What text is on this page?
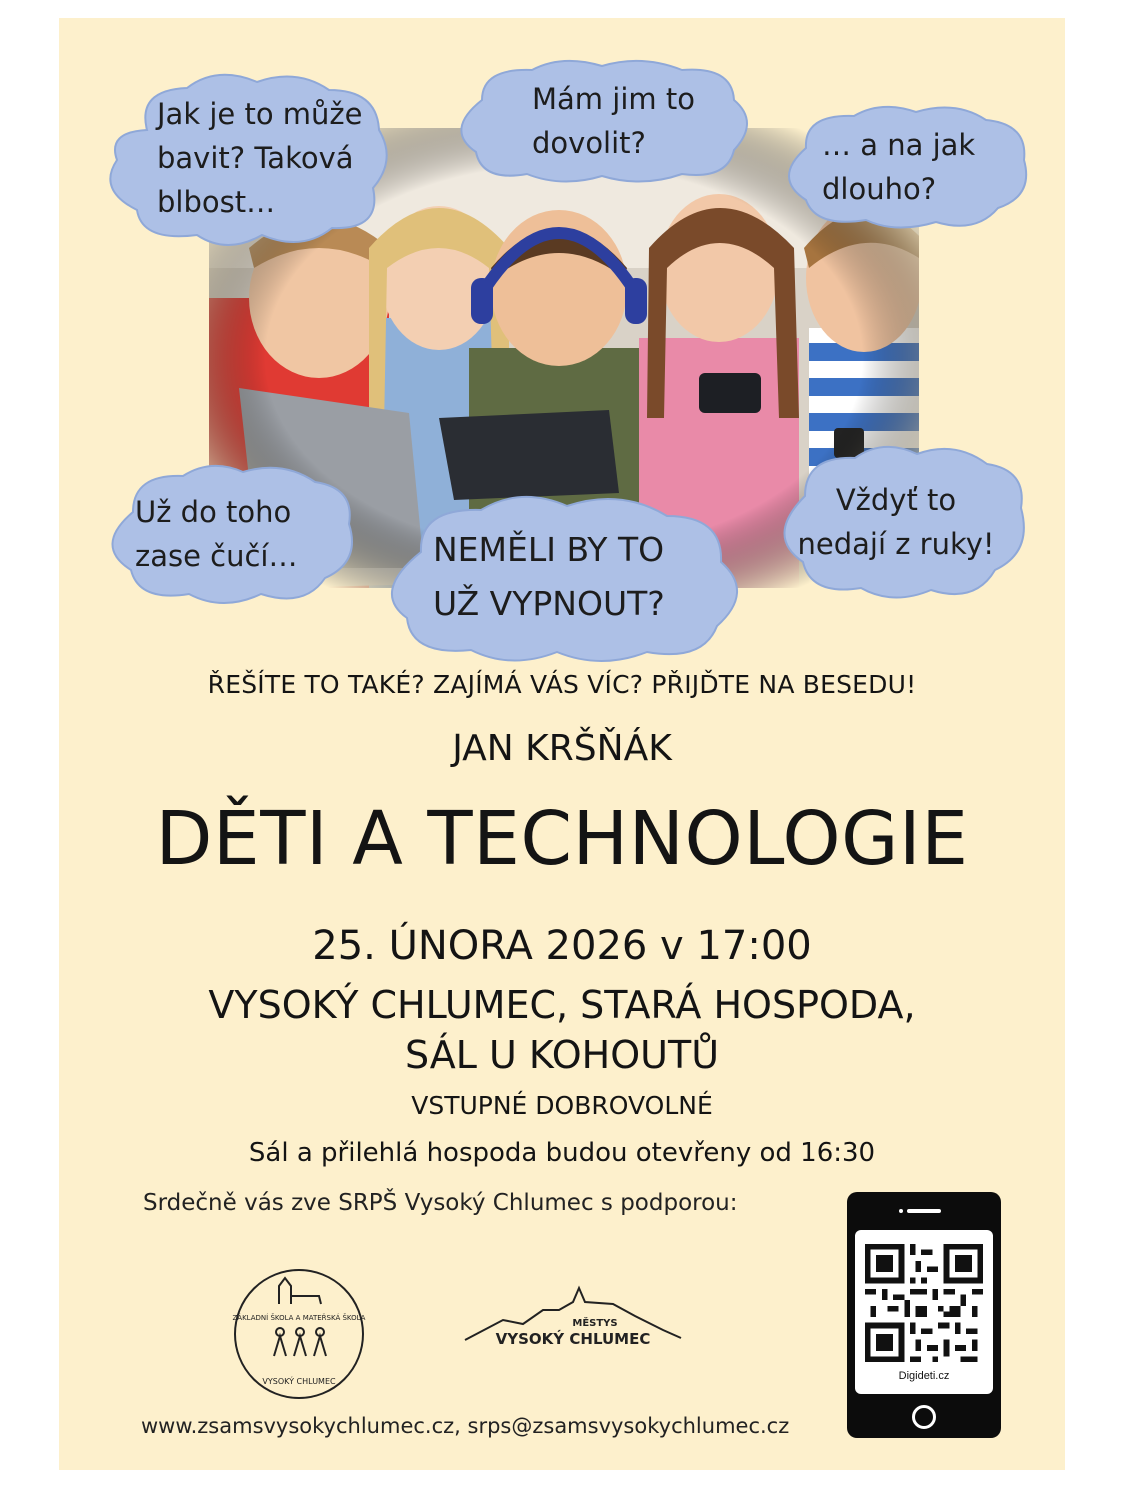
Jak je to může
bavit? Taková
blbost…
Mám jim to
dovolit?	… a na jak
dlouho?
Už do toho
zase čučí…	NEMĚLI BY TO
UŽ VYPNOUT?
Vždyť to
nedají z ruky!
ŘEŠÍTE TO TAKÉ? ZAJÍMÁ VÁS VÍC? PŘIJĎTE NA BESEDU!
JAN KRŠŇÁK
DĚTI A TECHNOLOGIE
25. ÚNORA 2026 v 17:00
VYSOKÝ CHLUMEC, STARÁ HOSPODA,
SÁL U KOHOUTŮ
VSTUPNÉ DOBROVOLNÉ
Sál a přilehlá hospoda budou otevřeny od 16:30
Srdečně vás zve SRPŠ Vysoký Chlumec s podporou:
ZÁKLADNÍ ŠKOLA A MATEŘSKÁ ŠKOLA
VYSOKÝ CHLUMEC
MĚSTYS
VYSOKÝ CHLUMEC
www.zsamsvysokychlumec.cz, srps@zsamsvysokychlumec.cz
Digideti.cz
